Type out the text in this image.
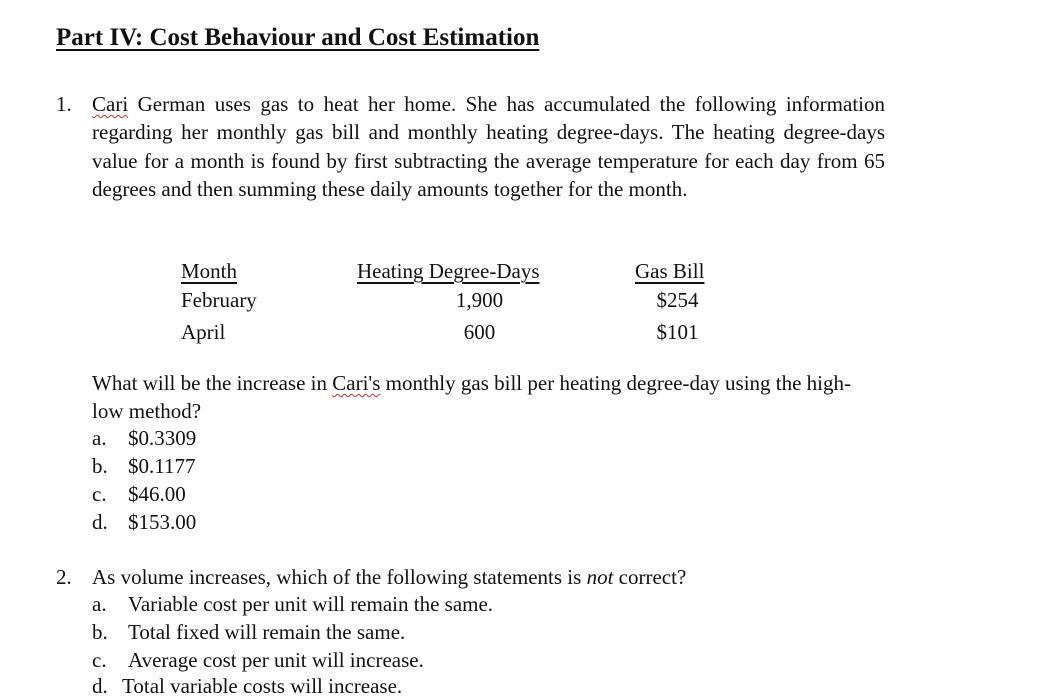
Part IV: Cost Behaviour and Cost Estimation
1. Cari German uses gas to heat her home. She has accumulated the following information regarding her monthly gas bill and monthly heating degree-days. The heating degree-days value for a month is found by first subtracting the average temperature for each day from 65 degrees and then summing these daily amounts together for the month.
Month	Heating Degree-Days	Gas Bill
February	1,900	$254
April	600	$101
What will be the increase in Cari's monthly gas bill per heating degree-day using the high-low method?
a. $0.3309
b. $0.1177
c. $46.00
d. $153.00
2. As volume increases, which of the following statements is not correct?
a. Variable cost per unit will remain the same.
b. Total fixed will remain the same.
c. Average cost per unit will increase.
d. Total variable costs will increase.
